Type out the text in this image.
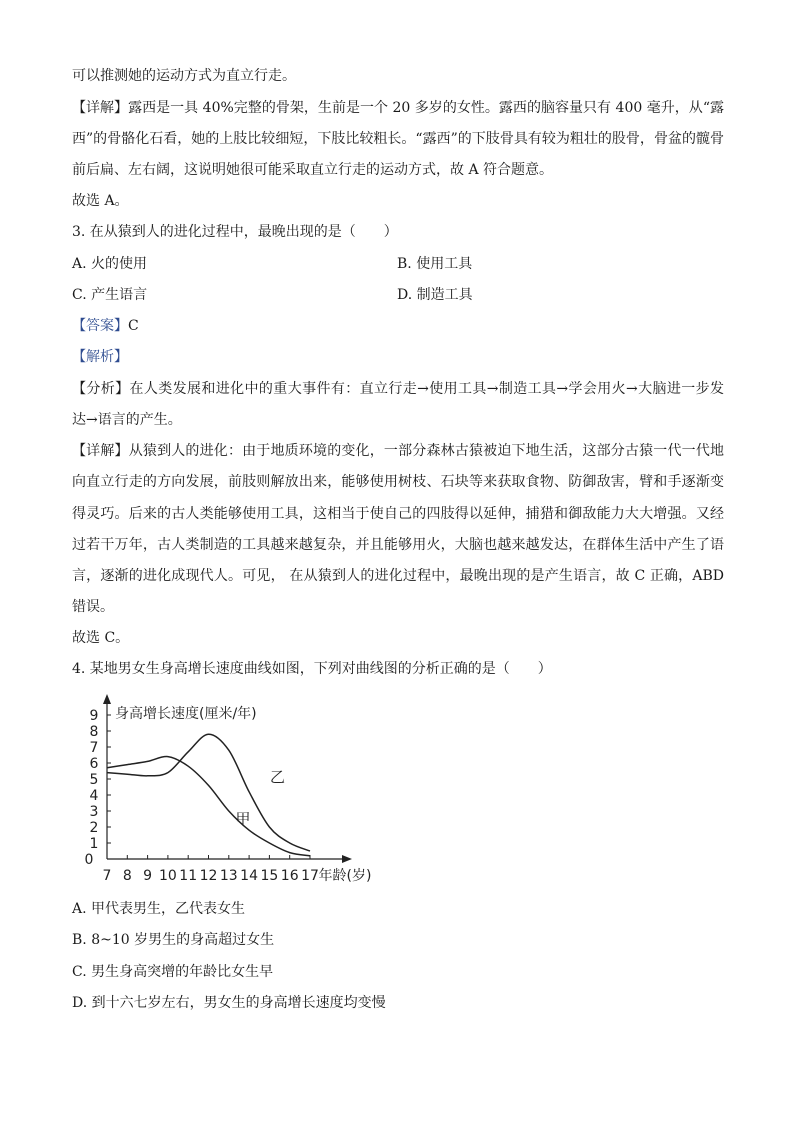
可以推测她的运动方式为直立行走。
【详解】露西是一具 40%完整的骨架，生前是一个 20 多岁的女性。露西的脑容量只有 400 毫升，从“露
西”的骨骼化石看，她的上肢比较细短，下肢比较粗长。“露西”的下肢骨具有较为粗壮的股骨，骨盆的髋骨
前后扁、左右阔，这说明她很可能采取直立行走的运动方式，故 A 符合题意。
故选 A。
3. 在从猿到人的进化过程中，最晚出现的是（　　）
A. 火的使用	B. 使用工具
C. 产生语言	D. 制造工具
【答案】C
【解析】
【分析】在人类发展和进化中的重大事件有：直立行走→使用工具→制造工具→学会用火→大脑进一步发
达→语言的产生。
【详解】从猿到人的进化：由于地质环境的变化，一部分森林古猿被迫下地生活，这部分古猿一代一代地
向直立行走的方向发展，前肢则解放出来，能够使用树枝、石块等来获取食物、防御敌害，臂和手逐渐变
得灵巧。后来的古人类能够使用工具，这相当于使自己的四肢得以延伸，捕猎和御敌能力大大增强。又经
过若干万年，古人类制造的工具越来越复杂，并且能够用火，大脑也越来越发达，在群体生活中产生了语
言，逐渐的进化成现代人。可见， 在从猿到人的进化过程中，最晚出现的是产生语言，故 C 正确，ABD
错误。
故选 C。
4. 某地男女生身高增长速度曲线如图，下列对曲线图的分析正确的是（　　）
0
1
2
3
4
5
6
7
8
9
7 8 9 10 11 12 13 14 15 16 17
身高增长速度(厘米/年)
年龄(岁)
甲
乙
A. 甲代表男生，乙代表女生
B. 8~10 岁男生的身高超过女生
C. 男生身高突增的年龄比女生早
D. 到十六七岁左右，男女生的身高增长速度均变慢
